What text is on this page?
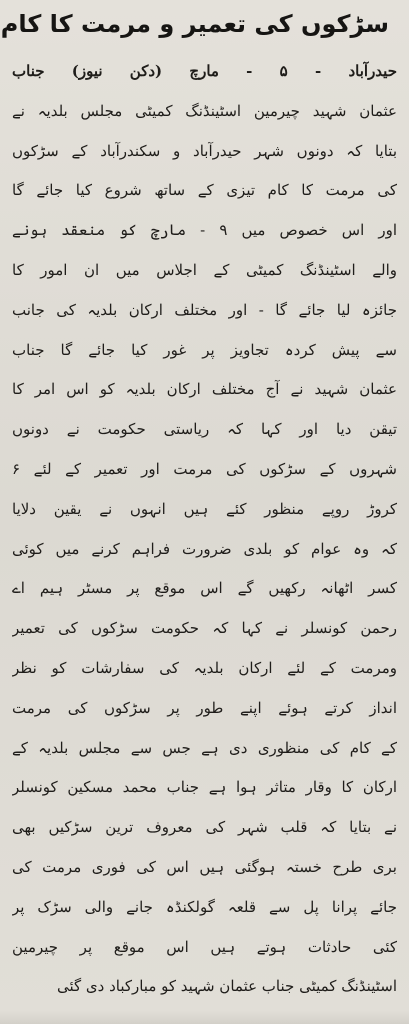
سڑکوں کی تعمیر و مرمت کا کام
حیدرآباد - ۵ - مارچ (دکن نیوز) جناب
عثمان شہید چیرمین اسٹینڈنگ کمیٹی مجلس بلدیہ نے
بتایا کہ دونوں شہر حیدرآباد و سکندرآباد کے سڑکوں
کی مرمت کا کام تیزی کے ساتھ شروع کیا جائے گا
اور اس خصوص میں ۹ - مارچ کو منعقد ہونے
والے اسٹینڈنگ کمیٹی کے اجلاس میں ان امور کا
جائزہ لیا جائے گا - اور مختلف ارکان بلدیہ کی جانب
سے پیش کردہ تجاویز پر غور کیا جائے گا جناب
عثمان شہید نے آج مختلف ارکان بلدیہ کو اس امر کا
تیقن دیا اور کہا کہ ریاستی حکومت نے دونوں
شہروں کے سڑکوں کی مرمت اور تعمیر کے لئے ۶
کروڑ روپے منظور کئے ہیں انہوں نے یقین دلایا
کہ وہ عوام کو بلدی ضرورت فراہم کرنے میں کوئی
کسر اٹھانہ رکھیں گے اس موقع پر مسٹر ہیم اے
رحمن کونسلر نے کہا کہ حکومت سڑکوں کی تعمیر
ومرمت کے لئے ارکان بلدیہ کی سفارشات کو نظر
انداز کرتے ہوئے اپنے طور پر سڑکوں کی مرمت
کے کام کی منظوری دی ہے جس سے مجلس بلدیہ کے
ارکان کا وقار متاثر ہوا ہے جناب محمد مسکین کونسلر
نے بتایا کہ قلب شہر کی معروف ترین سڑکیں بھی
بری طرح خستہ ہوگئی ہیں اس کی فوری مرمت کی
جائے پرانا پل سے قلعہ گولکنڈہ جانے والی سڑک پر
کئی حادثات ہوتے ہیں اس موقع پر چیرمین
اسٹینڈنگ کمیٹی جناب عثمان شہید کو مبارکباد دی گئی
